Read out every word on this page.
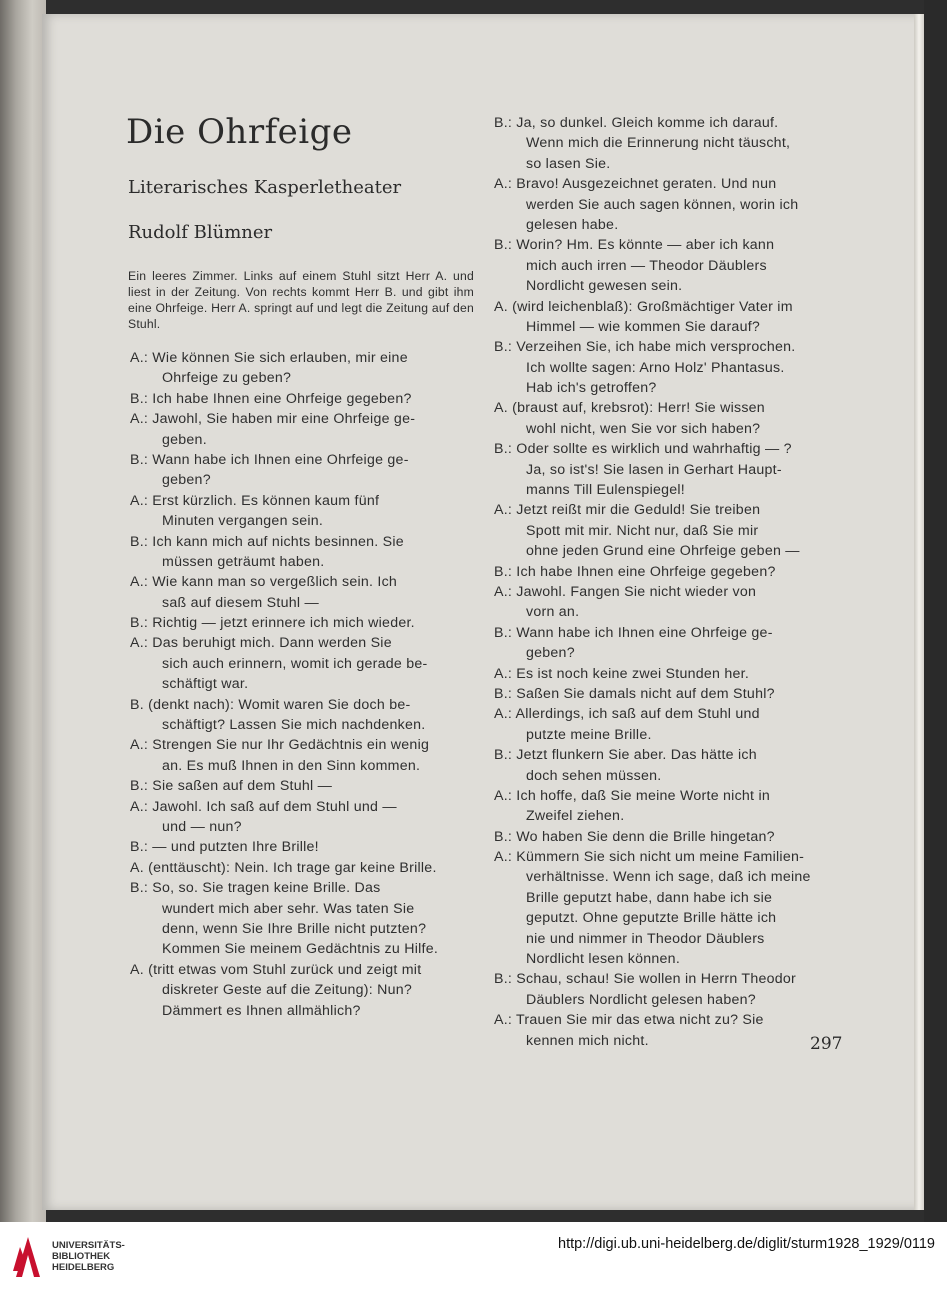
Die Ohrfeige
Literarisches Kasperletheater
Rudolf Blümner

Ein leeres Zimmer. Links auf einem Stuhl sitzt Herr A. und liest in der Zeitung. Von rechts kommt Herr B. und gibt ihm eine Ohrfeige. Herr A. springt auf und legt die Zeitung auf den Stuhl.

A.: Wie können Sie sich erlauben, mir eine
Ohrfeige zu geben?
B.: Ich habe Ihnen eine Ohrfeige gegeben?
A.: Jawohl, Sie haben mir eine Ohrfeige ge-
geben.
B.: Wann habe ich Ihnen eine Ohrfeige ge-
geben?
A.: Erst kürzlich. Es können kaum fünf
Minuten vergangen sein.
B.: Ich kann mich auf nichts besinnen. Sie
müssen geträumt haben.
A.: Wie kann man so vergeßlich sein. Ich
saß auf diesem Stuhl —
B.: Richtig — jetzt erinnere ich mich wieder.
A.: Das beruhigt mich. Dann werden Sie
sich auch erinnern, womit ich gerade be-
schäftigt war.
B. (denkt nach): Womit waren Sie doch be-
schäftigt? Lassen Sie mich nachdenken.
A.: Strengen Sie nur Ihr Gedächtnis ein wenig
an. Es muß Ihnen in den Sinn kommen.
B.: Sie saßen auf dem Stuhl —
A.: Jawohl. Ich saß auf dem Stuhl und —
und — nun?
B.: — und putzten Ihre Brille!
A. (enttäuscht): Nein. Ich trage gar keine Brille.
B.: So, so. Sie tragen keine Brille. Das
wundert mich aber sehr. Was taten Sie
denn, wenn Sie Ihre Brille nicht putzten?
Kommen Sie meinem Gedächtnis zu Hilfe.
A. (tritt etwas vom Stuhl zurück und zeigt mit
diskreter Geste auf die Zeitung): Nun?
Dämmert es Ihnen allmählich?
B.: Ja, so dunkel. Gleich komme ich darauf.
Wenn mich die Erinnerung nicht täuscht,
so lasen Sie.
A.: Bravo! Ausgezeichnet geraten. Und nun
werden Sie auch sagen können, worin ich
gelesen habe.
B.: Worin? Hm. Es könnte — aber ich kann
mich auch irren — Theodor Däublers
Nordlicht gewesen sein.
A. (wird leichenblaß): Großmächtiger Vater im
Himmel — wie kommen Sie darauf?
B.: Verzeihen Sie, ich habe mich versprochen.
Ich wollte sagen: Arno Holz' Phantasus.
Hab ich's getroffen?
A. (braust auf, krebsrot): Herr! Sie wissen
wohl nicht, wen Sie vor sich haben?
B.: Oder sollte es wirklich und wahrhaftig — ?
Ja, so ist's! Sie lasen in Gerhart Haupt-
manns Till Eulenspiegel!
A.: Jetzt reißt mir die Geduld! Sie treiben
Spott mit mir. Nicht nur, daß Sie mir
ohne jeden Grund eine Ohrfeige geben —
B.: Ich habe Ihnen eine Ohrfeige gegeben?
A.: Jawohl. Fangen Sie nicht wieder von
vorn an.
B.: Wann habe ich Ihnen eine Ohrfeige ge-
geben?
A.: Es ist noch keine zwei Stunden her.
B.: Saßen Sie damals nicht auf dem Stuhl?
A.: Allerdings, ich saß auf dem Stuhl und
putzte meine Brille.
B.: Jetzt flunkern Sie aber. Das hätte ich
doch sehen müssen.
A.: Ich hoffe, daß Sie meine Worte nicht in
Zweifel ziehen.
B.: Wo haben Sie denn die Brille hingetan?
A.: Kümmern Sie sich nicht um meine Familien-
verhältnisse. Wenn ich sage, daß ich meine
Brille geputzt habe, dann habe ich sie
geputzt. Ohne geputzte Brille hätte ich
nie und nimmer in Theodor Däublers
Nordlicht lesen können.
B.: Schau, schau! Sie wollen in Herrn Theodor
Däublers Nordlicht gelesen haben?
A.: Trauen Sie mir das etwa nicht zu? Sie
kennen mich nicht.	297
UNIVERSITÄTS-
BIBLIOTHEK
HEIDELBERG
http://digi.ub.uni-heidelberg.de/diglit/sturm1928_1929/0119
